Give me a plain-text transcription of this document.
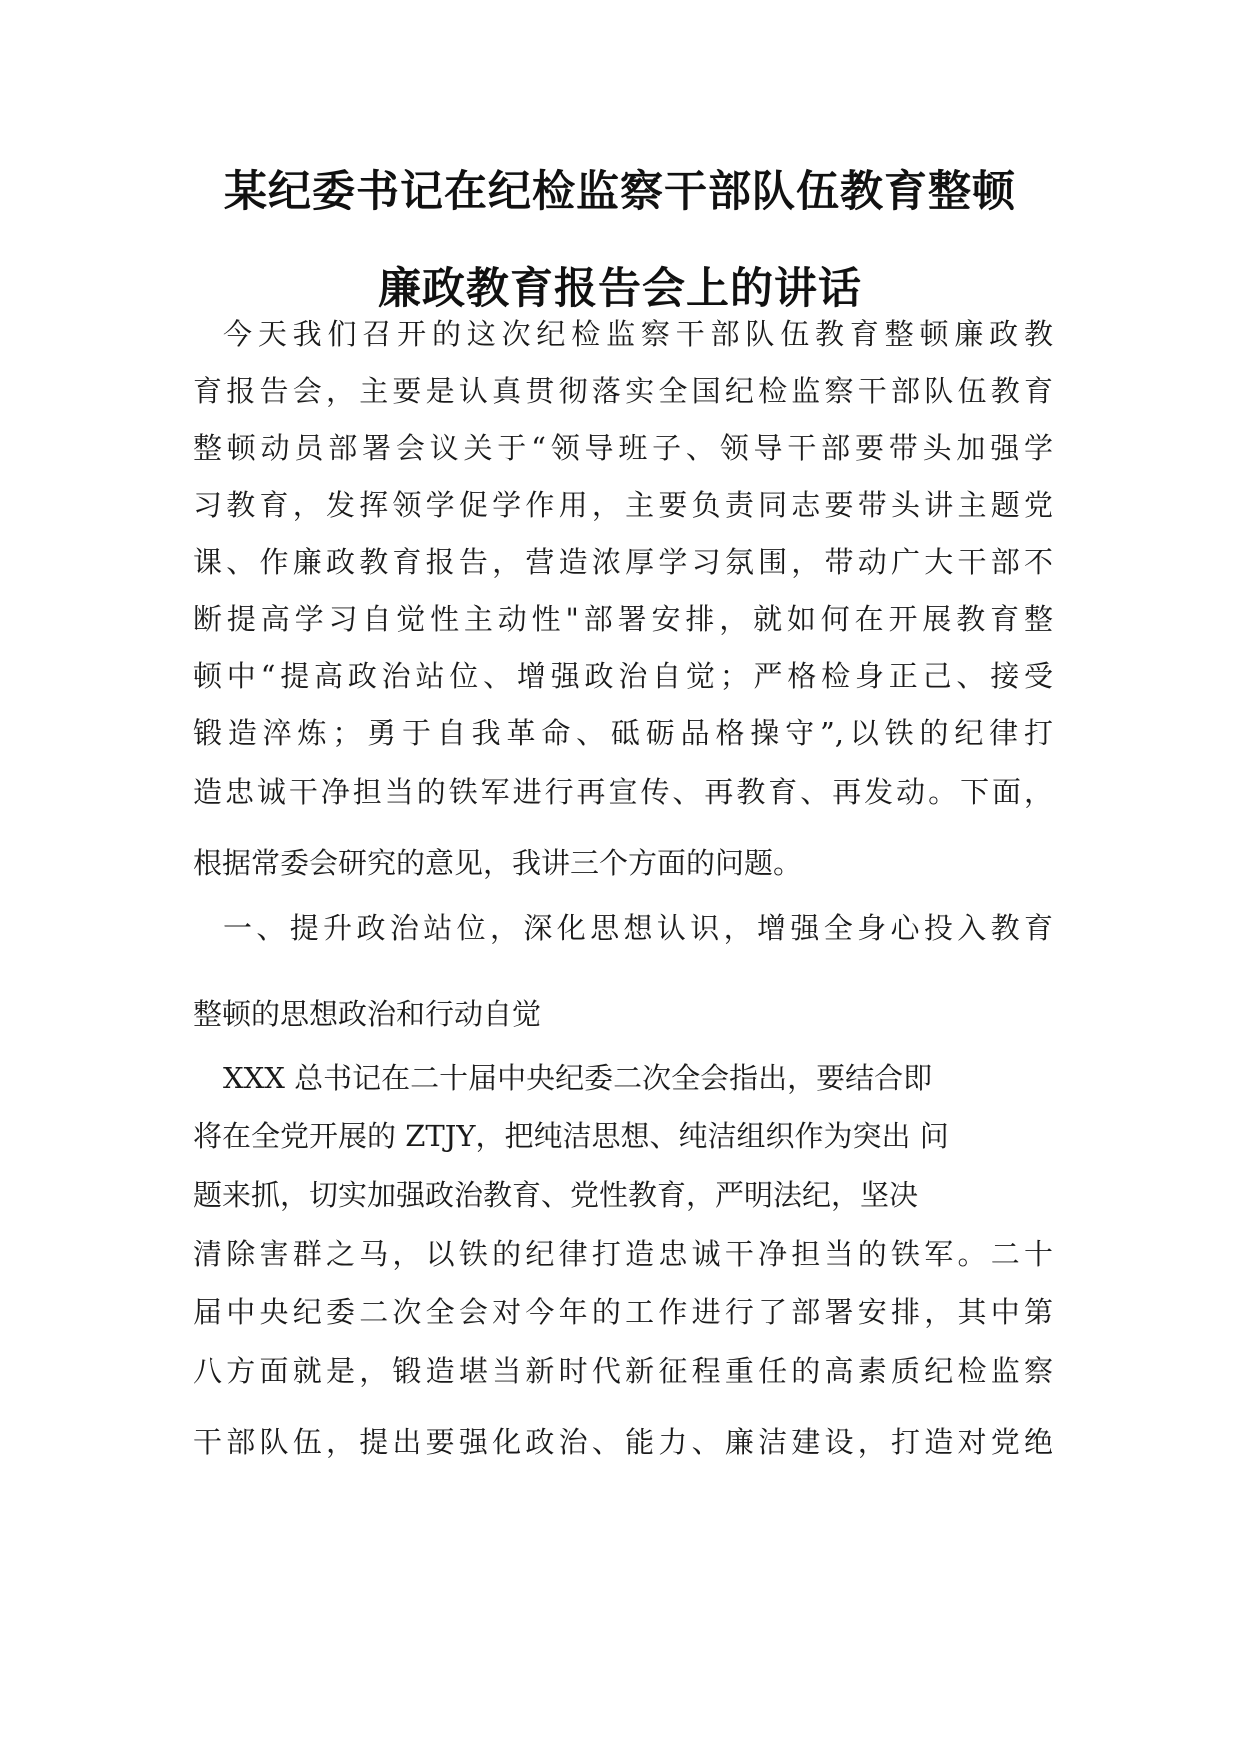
某纪委书记在纪检监察干部队伍教育整顿
廉政教育报告会上的讲话
今天我们召开的这次纪检监察干部队伍教育整顿廉政教
育报告会，主要是认真贯彻落实全国纪检监察干部队伍教育
整顿动员部署会议关于“领导班子、领导干部要带头加强学
习教育，发挥领学促学作用，主要负责同志要带头讲主题党
课、作廉政教育报告，营造浓厚学习氛围，带动广大干部不
断提高学习自觉性主动性"部署安排，就如何在开展教育整
顿中“提高政治站位、增强政治自觉；严格检身正己、接受
锻造淬炼；勇于自我革命、砥砺品格操守”,以铁的纪律打
造忠诚干净担当的铁军进行再宣传、再教育、再发动。下面，
根据常委会研究的意见，我讲三个方面的问题。
一、提升政治站位，深化思想认识，增强全身心投入教育
整顿的思想政治和行动自觉
XXX 总书记在二十届中央纪委二次全会指出，要结合即
将在全党开展的 ZTJY，把纯洁思想、纯洁组织作为突出 问
题来抓，切实加强政治教育、党性教育，严明法纪，坚决
清除害群之马，以铁的纪律打造忠诚干净担当的铁军。二十
届中央纪委二次全会对今年的工作进行了部署安排，其中第
八方面就是，锻造堪当新时代新征程重任的高素质纪检监察
干部队伍，提出要强化政治、能力、廉洁建设，打造对党绝
